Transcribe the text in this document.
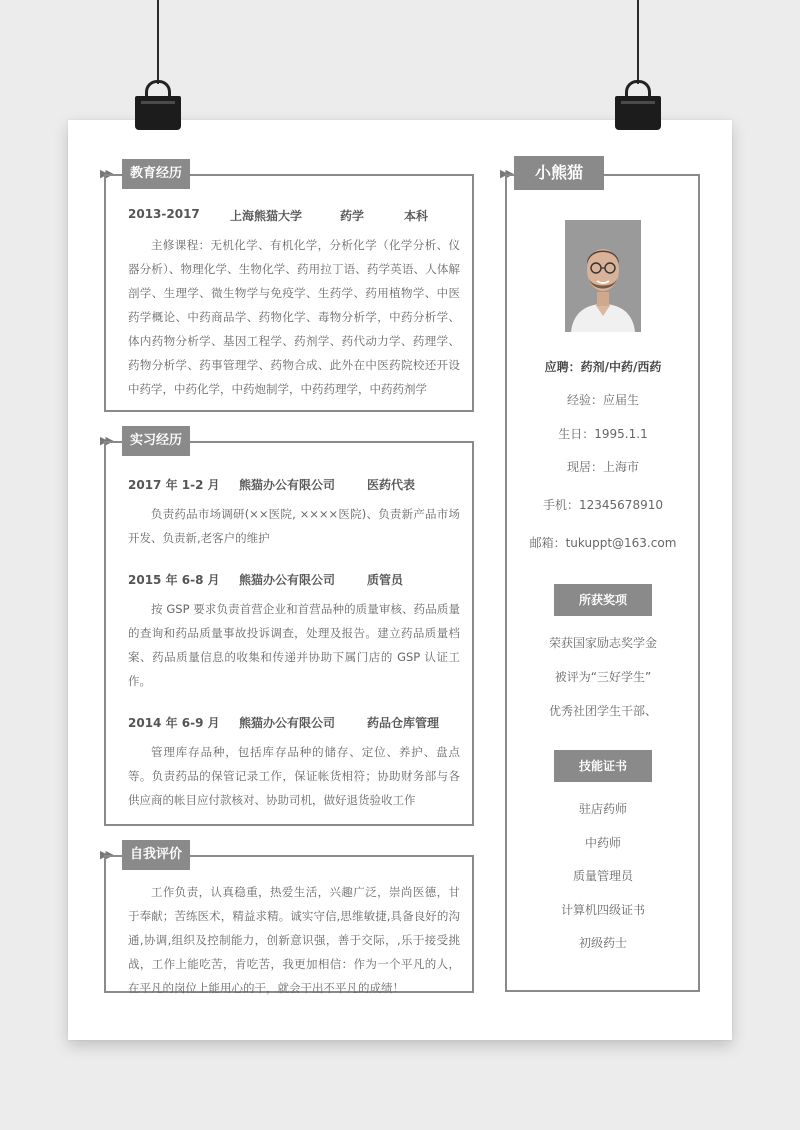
▶▶	教育经历
2013-2017	上海熊猫大学	药学	本科
主修课程：无机化学、有机化学，分析化学（化学分析、仪器分析）、物理化学、生物化学、药用拉丁语、药学英语、人体解剖学、生理学、微生物学与免疫学、生药学、药用植物学、中医药学概论、中药商品学、药物化学、毒物分析学，中药分析学、体内药物分析学、基因工程学、药剂学、药代动力学、药理学、药物分析学、药事管理学、药物合成、此外在中医药院校还开设中药学，中药化学，中药炮制学，中药药理学，中药药剂学
▶▶	实习经历
2017 年 1-2 月 熊猫办公有限公司	医药代表
负责药品市场调研(××医院, ××××医院)、负责新产品市场开发、负责新,老客户的维护
2015 年 6-8 月 熊猫办公有限公司	质管员
按 GSP 要求负责首营企业和首营品种的质量审核、药品质量的查询和药品质量事故投诉调查，处理及报告。建立药品质量档案、药品质量信息的收集和传递并协助下属门店的 GSP 认证工作。
2014 年 6-9 月 熊猫办公有限公司	药品仓库管理
管理库存品种，包括库存品种的储存、定位、养护、盘点等。负责药品的保管记录工作，保证帐货相符；协助财务部与各供应商的帐目应付款核对、协助司机，做好退货验收工作
▶▶	自我评价
工作负责，认真稳重，热爱生活，兴趣广泛，崇尚医德，甘于奉献；苦练医术，精益求精。诚实守信,思维敏捷,具备良好的沟通,协调,组织及控制能力，创新意识强，善于交际，,乐于接受挑战，工作上能吃苦，肯吃苦，我更加相信：作为一个平凡的人，在平凡的岗位上能用心的干，就会干出不平凡的成绩！
▶▶	小熊猫
应聘：药剂/中药/西药
经验：应届生
生日：1995.1.1
现居：上海市
手机：12345678910
邮箱：tukuppt@163.com
所获奖项
荣获国家励志奖学金
被评为“三好学生”
优秀社团学生干部、
技能证书
驻店药师
中药师
质量管理员
计算机四级证书
初级药士
